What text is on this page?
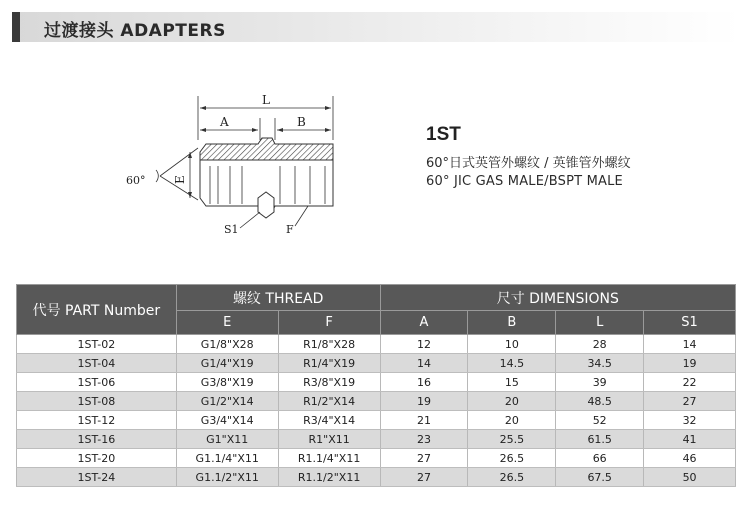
过渡接头 ADAPTERS
L
A	B
60° E
S1	F
1ST
60°日式英管外螺纹 / 英锥管外螺纹
60° JIC GAS MALE/BSPT MALE
代号 PART Number	螺纹 THREAD		尺寸 DIMENSIONS			
	E	F	A	B	L	S1
1ST-02	G1/8"X28	R1/8"X28	12	10	28	14
1ST-04	G1/4"X19	R1/4"X19	14	14.5	34.5	19
1ST-06	G3/8"X19	R3/8"X19	16	15	39	22
1ST-08	G1/2"X14	R1/2"X14	19	20	48.5	27
1ST-12	G3/4"X14	R3/4"X14	21	20	52	32
1ST-16	G1"X11	R1"X11	23	25.5	61.5	41
1ST-20	G1.1/4"X11	R1.1/4"X11	27	26.5	66	46
1ST-24	G1.1/2"X11	R1.1/2"X11	27	26.5	67.5	50
